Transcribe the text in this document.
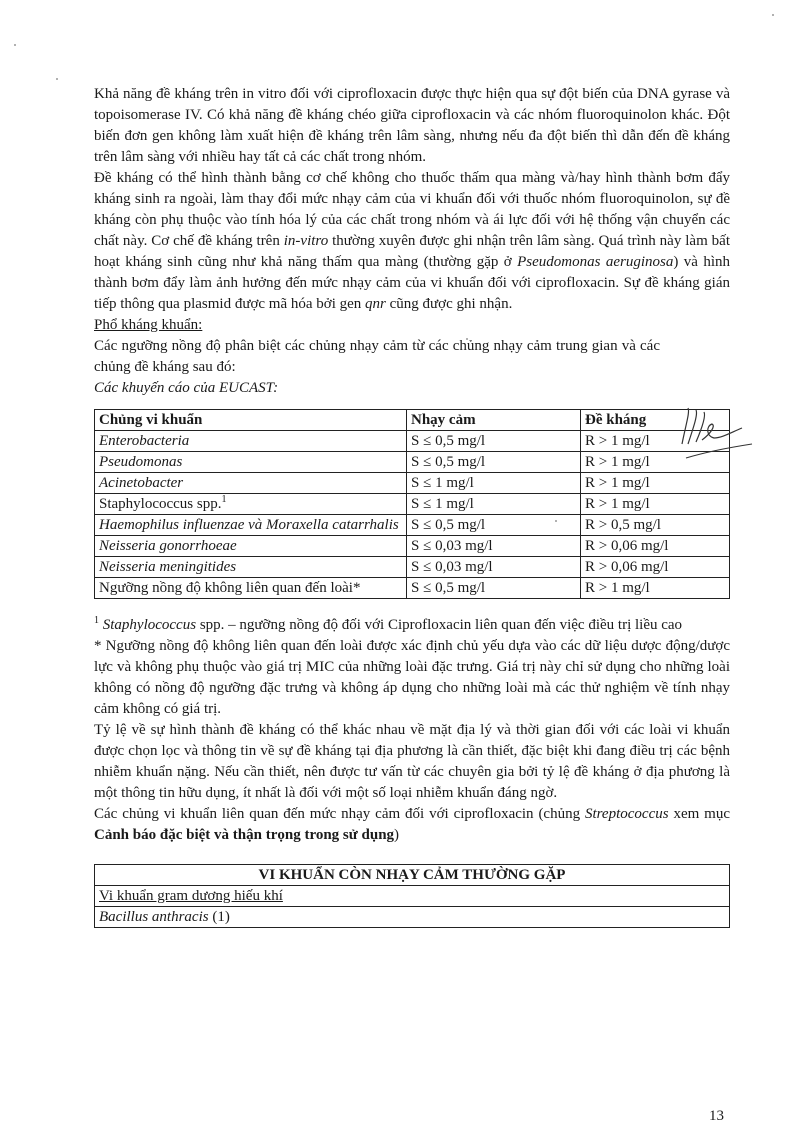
Khả năng đề kháng trên in vitro đối với ciprofloxacin được thực hiện qua sự đột biến của DNA gyrase và topoisomerase IV. Có khả năng đề kháng chéo giữa ciprofloxacin và các nhóm fluoroquinolon khác. Đột biến đơn gen không làm xuất hiện đề kháng trên lâm sàng, nhưng nếu đa đột biến thì dẫn đến đề kháng trên lâm sàng với nhiều hay tất cả các chất trong nhóm.

Đề kháng có thể hình thành bằng cơ chế không cho thuốc thấm qua màng và/hay hình thành bơm đẩy kháng sinh ra ngoài, làm thay đổi mức nhạy cảm của vi khuẩn đối với thuốc nhóm fluoroquinolon, sự đề kháng còn phụ thuộc vào tính hóa lý của các chất trong nhóm và ái lực đối với hệ thống vận chuyển các chất này. Cơ chế đề kháng trên in-vitro thường xuyên được ghi nhận trên lâm sàng. Quá trình này làm bất hoạt kháng sinh cũng như khả năng thấm qua màng (thường gặp ở Pseudomonas aeruginosa) và hình thành bơm đẩy làm ảnh hưởng đến mức nhạy cảm của vi khuẩn đối với ciprofloxacin. Sự đề kháng gián tiếp thông qua plasmid được mã hóa bởi gen qnr cũng được ghi nhận.

Phổ kháng khuẩn:

Các ngưỡng nồng độ phân biệt các chủng nhạy cảm từ các chủng nhạy cảm trung gian và các chủng đề kháng sau đó:

Các khuyến cáo của EUCAST:

Chủng vi khuẩn	Nhạy cảm	Đề kháng
Enterobacteria	S ≤ 0,5 mg/l	R > 1 mg/l
Pseudomonas	S ≤ 0,5 mg/l	R > 1 mg/l
Acinetobacter	S ≤ 1 mg/l	R > 1 mg/l
Staphylococcus spp.$^1$	S ≤ 1 mg/l	R > 1 mg/l
Haemophilus influenzae và Moraxella catarrhalis	S ≤ 0,5 mg/l	R > 0,5 mg/l
Neisseria gonorrhoeae	S ≤ 0,03 mg/l	R > 0,06 mg/l
Neisseria meningitides	S ≤ 0,03 mg/l	R > 0,06 mg/l
Ngưỡng nồng độ không liên quan đến loài*	S ≤ 0,5 mg/l	R > 1 mg/l

$^1$ Staphylococcus spp. – ngưỡng nồng độ đối với Ciprofloxacin liên quan đến việc điều trị liều cao

* Ngưỡng nồng độ không liên quan đến loài được xác định chủ yếu dựa vào các dữ liệu dược động/dược lực và không phụ thuộc vào giá trị MIC của những loài đặc trưng. Giá trị này chỉ sử dụng cho những loài không có nồng độ ngưỡng đặc trưng và không áp dụng cho những loài mà các thử nghiệm về tính nhạy cảm không có giá trị.

Tỷ lệ về sự hình thành đề kháng có thể khác nhau về mặt địa lý và thời gian đối với các loài vi khuẩn được chọn lọc và thông tin về sự đề kháng tại địa phương là cần thiết, đặc biệt khi đang điều trị các bệnh nhiễm khuẩn nặng. Nếu cần thiết, nên được tư vấn từ các chuyên gia bởi tỷ lệ đề kháng ở địa phương là một thông tin hữu dụng, ít nhất là đối với một số loại nhiễm khuẩn đáng ngờ.

Các chủng vi khuẩn liên quan đến mức nhạy cảm đối với ciprofloxacin (chủng Streptococcus xem mục Cảnh báo đặc biệt và thận trọng trong sử dụng)

VI KHUẨN CÒN NHẠY CẢM THƯỜNG GẶP
Vi khuẩn gram dương hiếu khí
Bacillus anthracis (1)
13
